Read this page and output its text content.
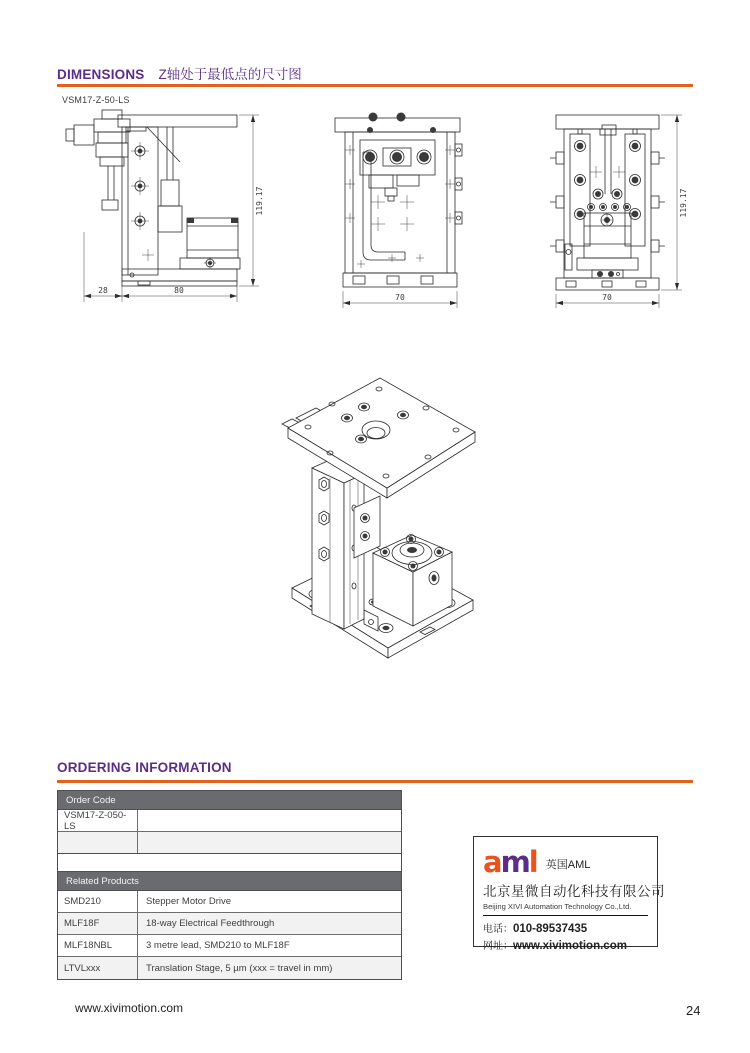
DIMENSIONS Z轴处于最低点的尺寸图
VSM17-Z-50-LS
28	80
119.17
70	70
119.17
ORDERING INFORMATION
Order Code
VSM17-Z-050-LS
Related Products
SMD210	Stepper Motor Drive
MLF18F	18-way Electrical Feedthrough
MLF18NBL	3 metre lead, SMD210 to MLF18F
LTVLxxx	Translation Stage, 5 µm (xxx = travel in mm)
aml 英国AML
北京星微自动化科技有限公司
Beijing XIVI Automation Technology Co.,Ltd.
电话：010-89537435
网址：www.xivimotion.com
www.xivimotion.com	24
